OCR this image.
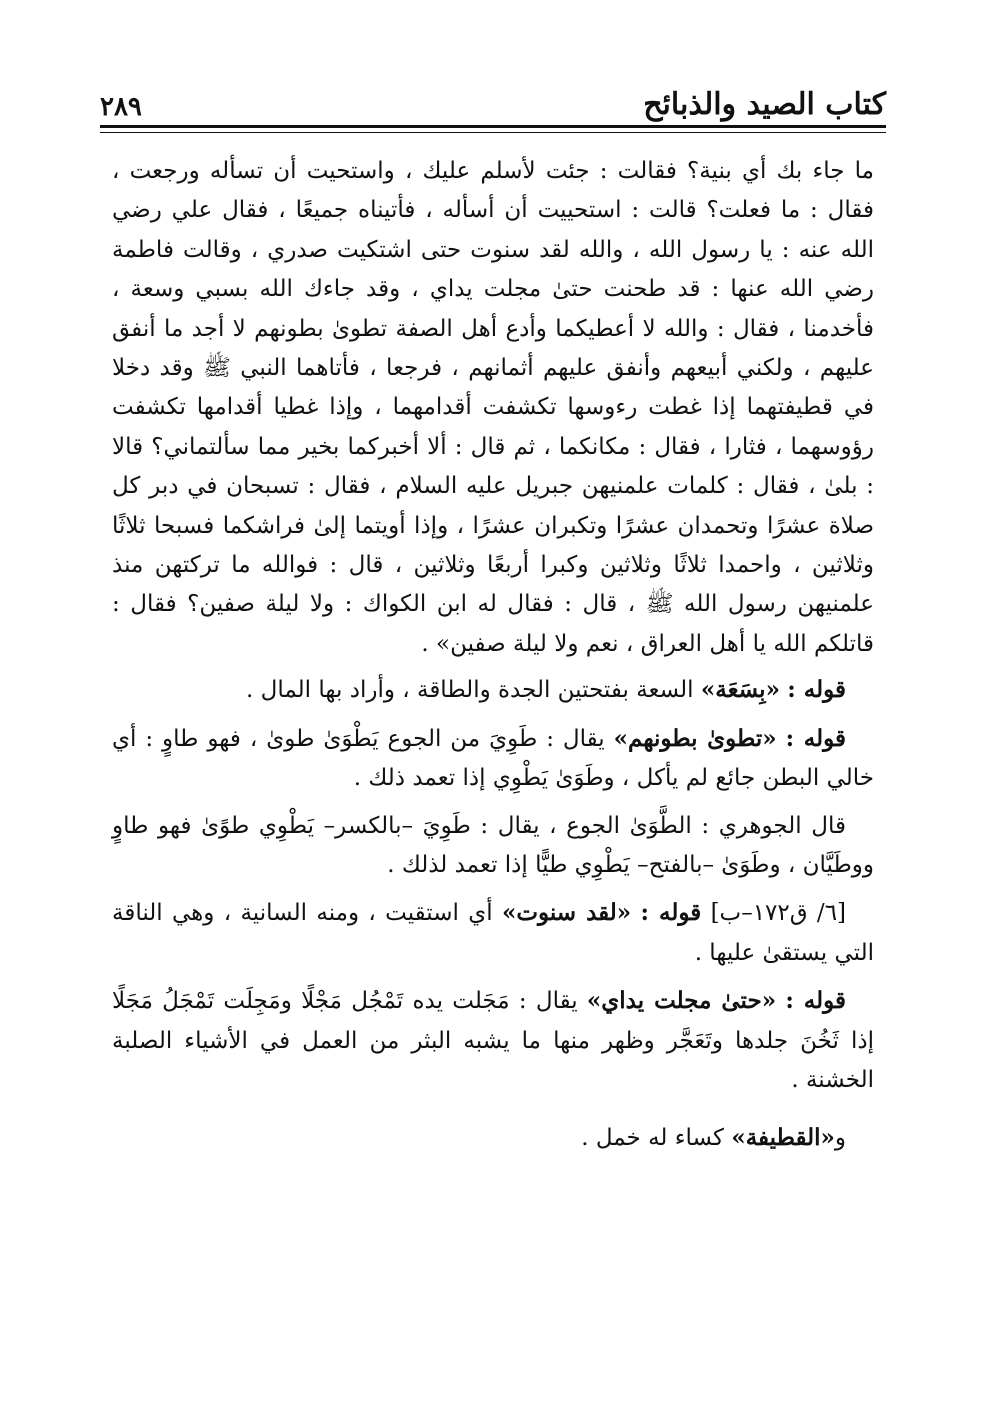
كتاب الصيد والذبائح
٢٨٩

ما جاء بك أي بنية؟ فقالت : جئت لأسلم عليك ، واستحيت أن تسأله ورجعت ، فقال : ما فعلت؟ قالت : استحييت أن أسأله ، فأتيناه جميعًا ، فقال علي رضي الله عنه : يا رسول الله ، والله لقد سنوت حتى اشتكيت صدري ، وقالت فاطمة رضي الله عنها : قد طحنت حتىٰ مجلت يداي ، وقد جاءك الله بسبي وسعة ، فأخدمنا ، فقال : والله لا أعطيكما وأدع أهل الصفة تطوىٰ بطونهم لا أجد ما أنفق عليهم ، ولكني أبيعهم وأنفق عليهم أثمانهم ، فرجعا ، فأتاهما النبي ﷺ وقد دخلا في قطيفتهما إذا غطت رءوسها تكشفت أقدامهما ، وإذا غطيا أقدامها تكشفت رؤوسهما ، فثارا ، فقال : مكانكما ، ثم قال : ألا أخبركما بخير مما سألتماني؟ قالا : بلىٰ ، فقال : كلمات علمنيهن جبريل عليه السلام ، فقال : تسبحان في دبر كل صلاة عشرًا وتحمدان عشرًا وتكبران عشرًا ، وإذا أويتما إلىٰ فراشكما فسبحا ثلاثًا وثلاثين ، واحمدا ثلاثًا وثلاثين وكبرا أربعًا وثلاثين ، قال : فوالله ما تركتهن منذ علمنيهن رسول الله ﷺ ، قال : فقال له ابن الكواك : ولا ليلة صفين؟ فقال : قاتلكم الله يا أهل العراق ، نعم ولا ليلة صفين» .

قوله : «بِسَعَة» السعة بفتحتين الجدة والطاقة ، وأراد بها المال .

قوله : «تطوىٰ بطونهم» يقال : طَوِيَ من الجوع يَطْوَىٰ طوىٰ ، فهو طاوٍ : أي خالي البطن جائع لم يأكل ، وطَوَىٰ يَطْوِي إذا تعمد ذلك .

قال الجوهري : الطَّوَىٰ الجوع ، يقال : طَوِيَ –بالكسر– يَطْوِي طوًىٰ فهو طاوٍ ووطَيَّان ، وطَوَىٰ –بالفتح– يَطْوِي طيًّا إذا تعمد لذلك .

[٦/ ق١٧٢–ب] قوله : «لقد سنوت» أي استقيت ، ومنه السانية ، وهي الناقة التي يستقىٰ عليها .

قوله : «حتىٰ مجلت يداي» يقال : مَجَلت يده تَمْجُل مَجْلًا ومَجِلَت تَمْجَلُ مَجَلًا إذا ثَخُنَ جلدها وتَعَجَّر وظهر منها ما يشبه البثر من العمل في الأشياء الصلبة الخشنة .

و«القطيفة» كساء له خمل .
